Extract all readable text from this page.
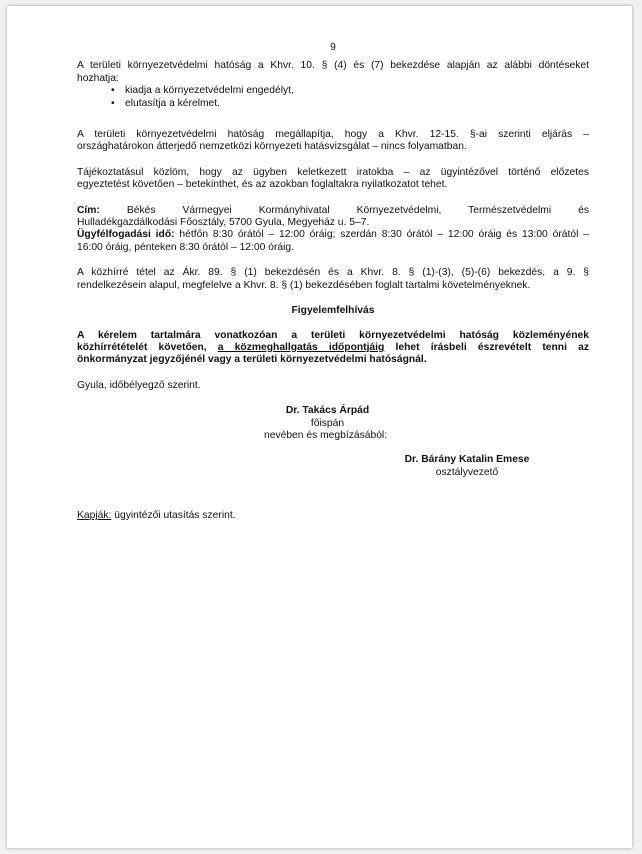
9

A területi környezetvédelmi hatóság a Khvr. 10. § (4) és (7) bekezdése alapján az alábbi döntéseket

hozhatja:

• kiadja a környezetvédelmi engedélyt,
• elutasítja a kérelmet.

A területi környezetvédelmi hatóság megállapítja, hogy a Khvr. 12-15. §-ai szerinti eljárás –

országhatárokon átterjedő nemzetközi környezeti hatásvizsgálat – nincs folyamatban.

Tájékoztatásul közlöm, hogy az ügyben keletkezett iratokba – az ügyintézővel történő előzetes

egyeztetést követően – betekinthet, és az azokban foglaltakra nyilatkozatot tehet.

Cím:	Békés Vármegyei Kormányhivatal Környezetvédelmi, Természetvédelmi és

Hulladékgazdálkodási Főosztály, 5700 Gyula, Megyeház u. 5–7.

Ügyfélfogadási idő: hétfőn 8:30 órától – 12:00 óráig; szerdán 8:30 órától – 12:00 óráig és 13:00 órától –

16:00 óráig, pénteken 8:30 órától – 12:00 óráig.

A közhírré tétel az Ákr. 89. § (1) bekezdésén és a Khvr. 8. § (1)-(3), (5)-(6) bekezdés, a 9. §

rendelkezésein alapul, megfelelve a Khvr. 8. § (1) bekezdésében foglalt tartalmi követelményeknek.

Figyelemfelhívás

A kérelem tartalmára vonatkozóan a területi környezetvédelmi hatóság közleményének

közhírrétételét követően, a közmeghallgatás időpontjáig lehet írásbeli észrevételt tenni az

önkormányzat jegyzőjénél vagy a területi környezetvédelmi hatóságnál.

Gyula, időbélyegző szerint.

Dr. Takács Árpád
főispán
nevében és megbízásából:
Dr. Bárány Katalin Emese
osztályvezető

Kapják: ügyintézői utasítás szerint.
